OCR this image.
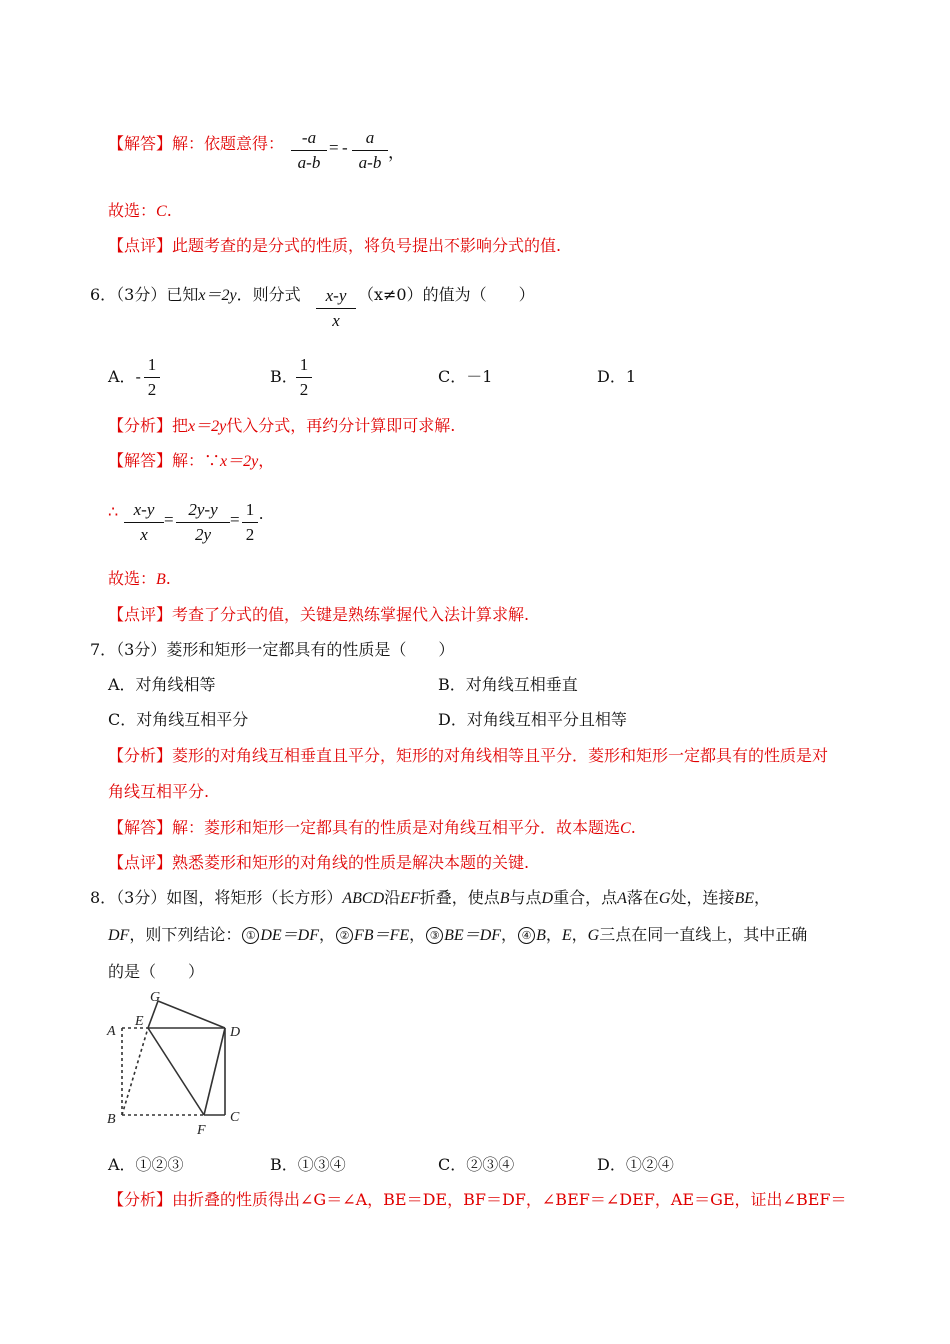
【解答】解：依题意得：	-a
a-b
= -
a
a-b
，
故选：C.
【点评】此题考查的是分式的性质，将负号提出不影响分式的值.
6．（3分）已知x＝2y．则分式	x-y
x
（x≠0）的值为（　　）
A．-
1
2
B．
1
2
C．－1	D．1
【分析】把x＝2y代入分式，再约分计算即可求解.
【解答】解：∵x＝2y，
∴ x-y
x
=
2y-y
2y
=
1
2
.
故选：B.
【点评】考查了分式的值，关键是熟练掌握代入法计算求解.
7．（3分）菱形和矩形一定都具有的性质是（　　）
A．对角线相等	B．对角线互相垂直
C．对角线互相平分	D．对角线互相平分且相等
【分析】菱形的对角线互相垂直且平分，矩形的对角线相等且平分．菱形和矩形一定都具有的性质是对
角线互相平分.
【解答】解：菱形和矩形一定都具有的性质是对角线互相平分．故本题选C.
【点评】熟悉菱形和矩形的对角线的性质是解决本题的关键.
8．（3分）如图，将矩形（长方形）ABCD沿EF折叠，使点B与点D重合，点A落在G处，连接BE，
DF，则下列结论： ① DE＝DF， ② FB＝FE， ③ BE＝DF， ④ B，E，G三点在同一直线上，其中正确
的是（　　）
G
E
A	D
B
F
C
A．①②③	B．①③④	C．②③④	D．①②④
【分析】由折叠的性质得出∠G＝∠A，BE＝DE，BF＝DF，∠BEF＝∠DEF，AE＝GE，证出∠BEF＝
